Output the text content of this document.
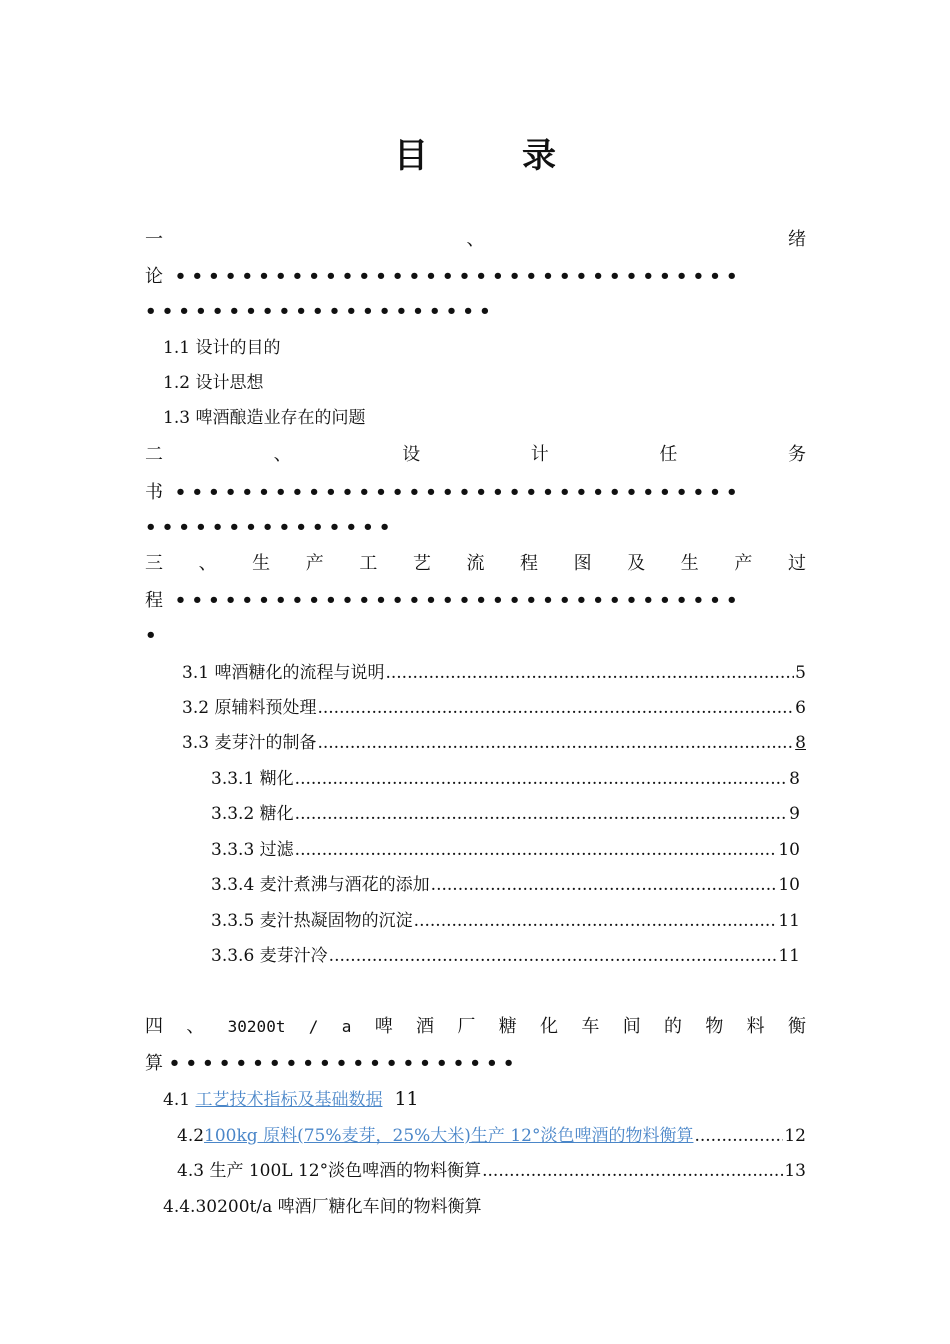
目　录
一	、	绪
论 ••••••••••••••••••••••••••••••••••
•••••••••••••••••••••
1.1 设计的目的
1.2 设计思想
1.3 啤酒酿造业存在的问题
二	、	设	计	任	务
书 ••••••••••••••••••••••••••••••••••
•••••••••••••••
三 、 生 产 工 艺 流 程 图 及 生 产 过
程 ••••••••••••••••••••••••••••••••••
•
3.1 啤酒糖化的流程与说明 .....	5
3.2 原辅料预处理 .....	6
3.3 麦芽汁的制备 .....	8
3.3.1 糊化 .....	8
3.3.2 糖化 .....	9
3.3.3 过滤 .....	10
3.3.4 麦汁煮沸与酒花的添加 .....	10
3.3.5 麦汁热凝固物的沉淀 .....	11
3.3.6 麦芽汁冷 .....	11
四 、 30200t / a 啤 酒 厂 糖 化 车 间 的 物 料 衡
算 •••••••••••••••••••••
4.1 工艺技术指标及基础数据 11
4.2 100kg 原料(75%麦芽，25%大米)生产 12°淡色啤酒的物料衡算 .....	12
4.3 生产 100L 12°淡色啤酒的物料衡算 .....	13
4.4.30200t/a 啤酒厂糖化车间的物料衡算
